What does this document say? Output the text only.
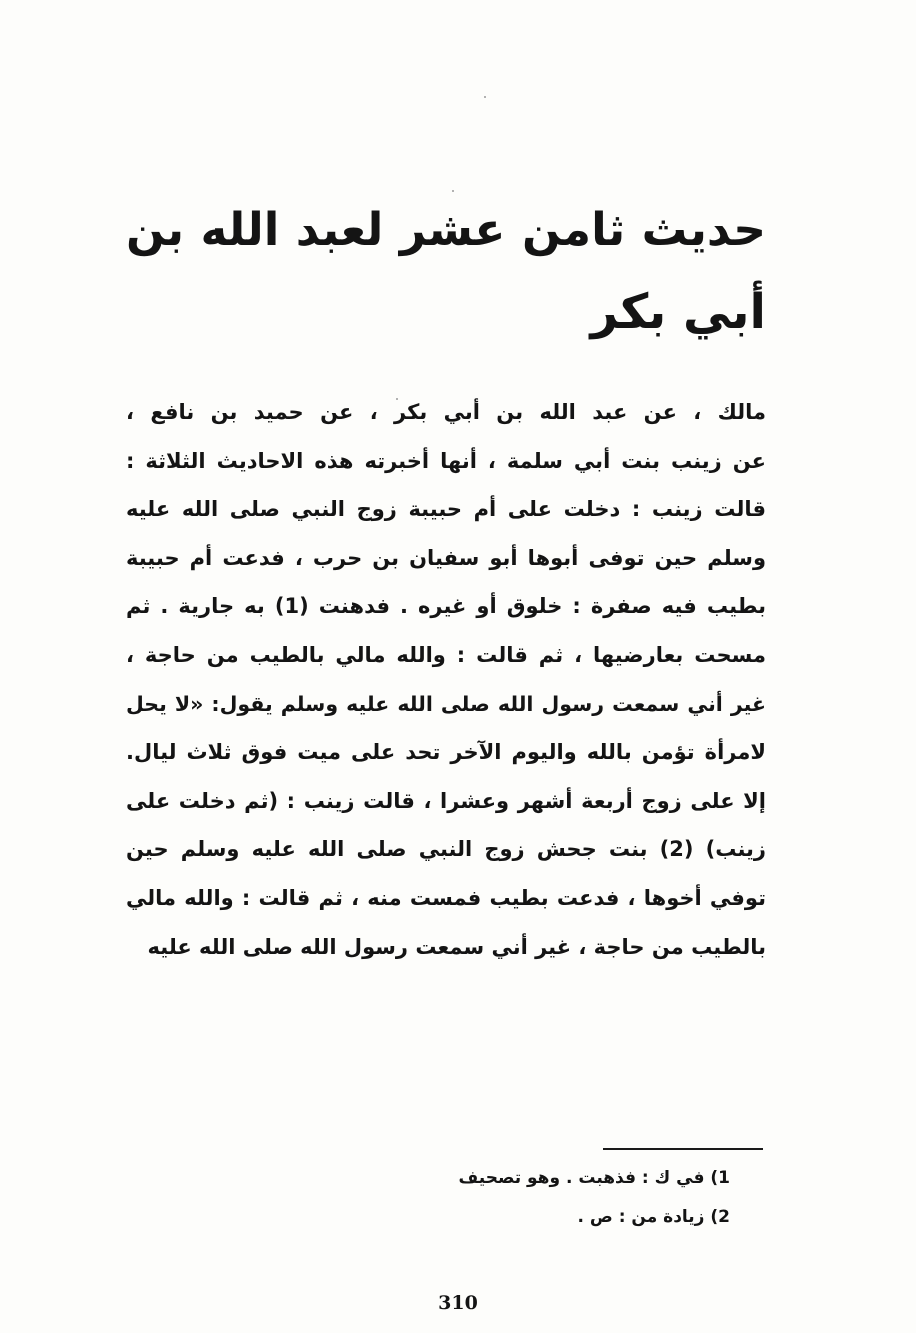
حديث ثامن عشر لعبد الله بن
أبي بكر
مالك ، عن عبد الله بن أبي بكر ، عن حميد بن نافع ،
عن زينب بنت أبي سلمة ، أنها أخبرته هذه الاحاديث الثلاثة :
قالت زينب : دخلت على أم حبيبة زوج النبي صلى الله عليه
وسلم حين توفى أبوها أبو سفيان بن حرب ، فدعت أم حبيبة
بطيب فيه صفرة : خلوق أو غيره . فدهنت (1) به جارية . ثم
مسحت بعارضيها ، ثم قالت : والله مالي بالطيب من حاجة ،
غير أني سمعت رسول الله صلى الله عليه وسلم يقول: «لا يحل
لامرأة تؤمن بالله واليوم الآخر تحد على ميت فوق ثلاث ليال.
إلا على زوج أربعة أشهر وعشرا ، قالت زينب : (ثم دخلت على
زينب) (2) بنت جحش زوج النبي صلى الله عليه وسلم حين
توفي أخوها ، فدعت بطيب فمست منه ، ثم قالت : والله مالي
بالطيب من حاجة ، غير أني سمعت رسول الله صلى الله عليه
1) في ك : فذهبت . وهو تصحيف
2) زيادة من : ص .
310
